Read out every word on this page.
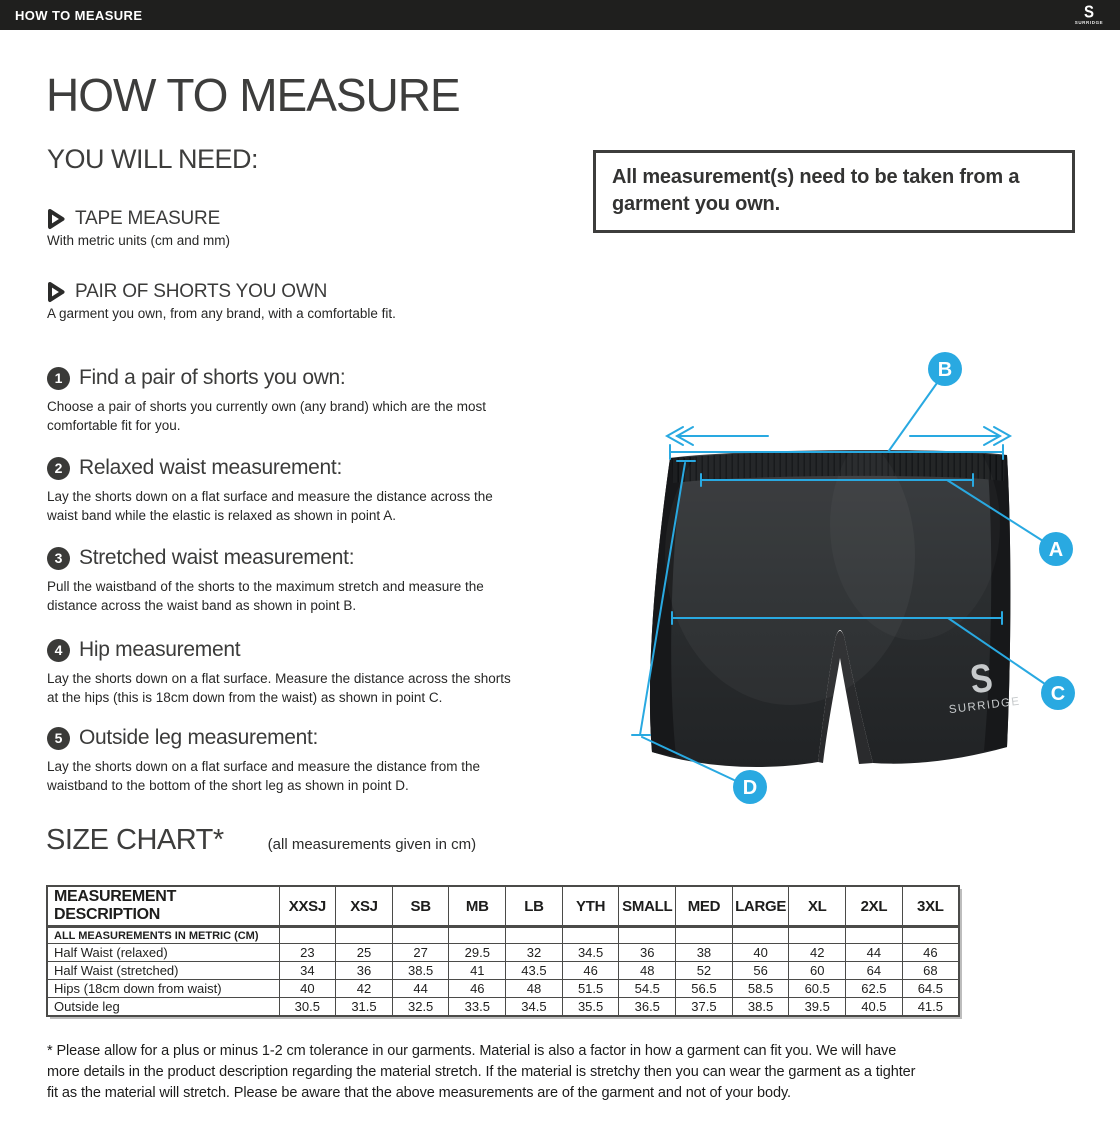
HOW TO MEASURE	S
SURRIDGE
HOW TO MEASURE
YOU WILL NEED:
TAPE MEASURE
With metric units (cm and mm)
PAIR OF SHORTS YOU OWN
A garment you own, from any brand, with a comfortable fit.
All measurement(s) need to be taken from a garment you own.
1 Find a pair of shorts you own:

Choose a pair of shorts you currently own (any brand) which are the most comfortable fit for you.

2 Relaxed waist measurement:

Lay the shorts down on a flat surface and measure the distance across the waist band while the elastic is relaxed as shown in point A.

3 Stretched waist measurement:

Pull the waistband of the shorts to the maximum stretch and measure the distance across the waist band as shown in point B.

4 Hip measurement

Lay the shorts down on a flat surface. Measure the distance across the shorts at the hips (this is 18cm down from the waist) as shown in point C.

5 Outside leg measurement:

Lay the shorts down on a flat surface and measure the distance from the waistband to the bottom of the short leg as shown in point D.

S
SURRIDGE
A
B
C
D
SIZE CHART*	(all measurements given in cm)
MEASUREMENT DESCRIPTION	XXSJ	XSJ	SB	MB	LB	YTH	SMALL	MED	LARGE	XL	2XL	3XL
ALL MEASUREMENTS IN METRIC (CM)												
Half Waist (relaxed)	23	25	27	29.5	32	34.5	36	38	40	42	44	46
Half Waist (stretched)	34	36	38.5	41	43.5	46	48	52	56	60	64	68
Hips (18cm down from waist)	40	42	44	46	48	51.5	54.5	56.5	58.5	60.5	62.5	64.5
Outside leg	30.5	31.5	32.5	33.5	34.5	35.5	36.5	37.5	38.5	39.5	40.5	41.5

* Please allow for a plus or minus 1-2 cm tolerance in our garments. Material is also a factor in how a garment can fit you. We will have more details in the product description regarding the material stretch. If the material is stretchy then you can wear the garment as a tighter fit as the material will stretch. Please be aware that the above measurements are of the garment and not of your body.
